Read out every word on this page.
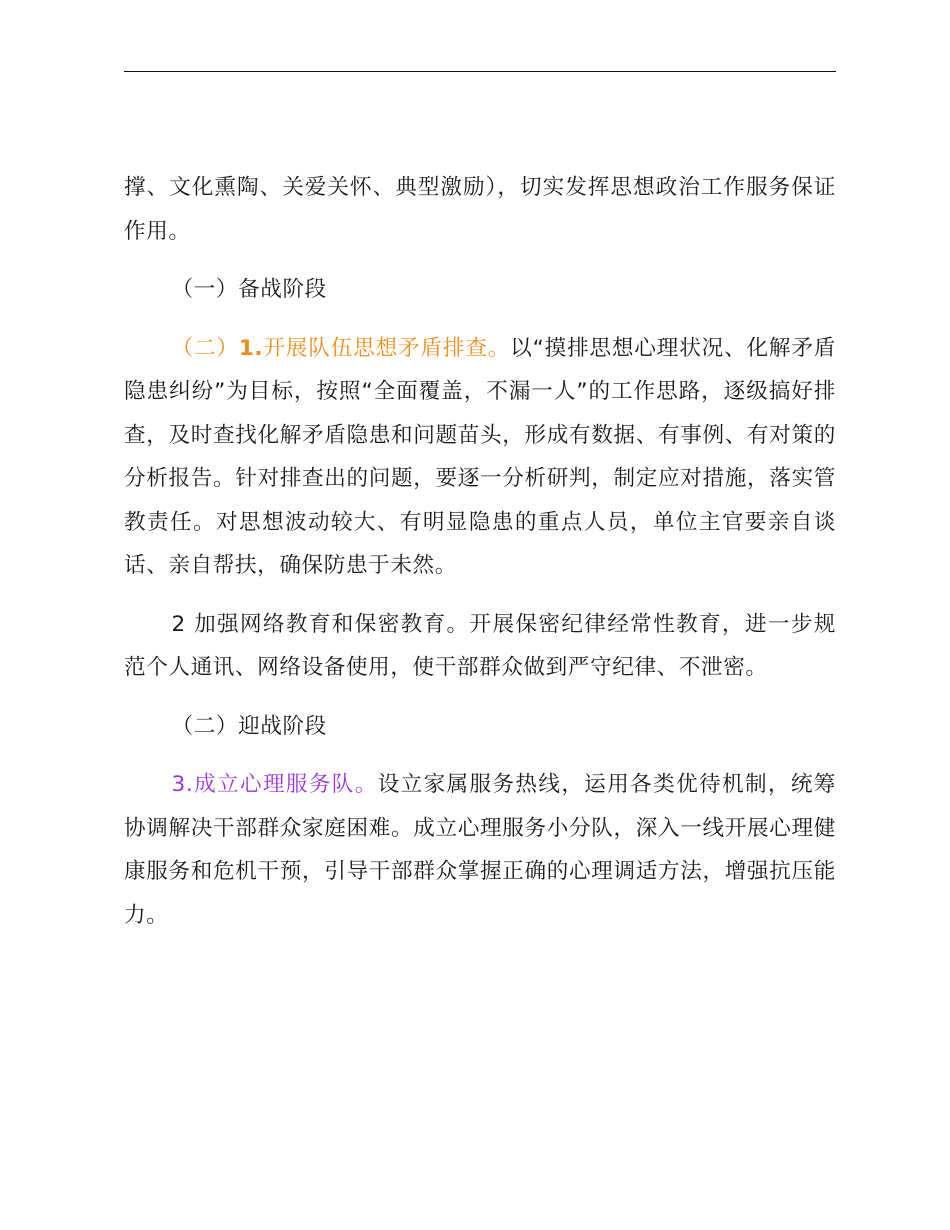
撑、文化熏陶、关爱关怀、典型激励），切实发挥思想政治工作服务保证作用。

（一）备战阶段

（二）1.开展队伍思想矛盾排查。以“摸排思想心理状况、化解矛盾隐患纠纷”为目标，按照“全面覆盖，不漏一人”的工作思路，逐级搞好排查，及时查找化解矛盾隐患和问题苗头，形成有数据、有事例、有对策的分析报告。针对排查出的问题，要逐一分析研判，制定应对措施，落实管教责任。对思想波动较大、有明显隐患的重点人员，单位主官要亲自谈话、亲自帮扶，确保防患于未然。

2 加强网络教育和保密教育。开展保密纪律经常性教育，进一步规范个人通讯、网络设备使用，使干部群众做到严守纪律、不泄密。

（二）迎战阶段

3.成立心理服务队。设立家属服务热线，运用各类优待机制，统筹协调解决干部群众家庭困难。成立心理服务小分队，深入一线开展心理健康服务和危机干预，引导干部群众掌握正确的心理调适方法，增强抗压能力。
